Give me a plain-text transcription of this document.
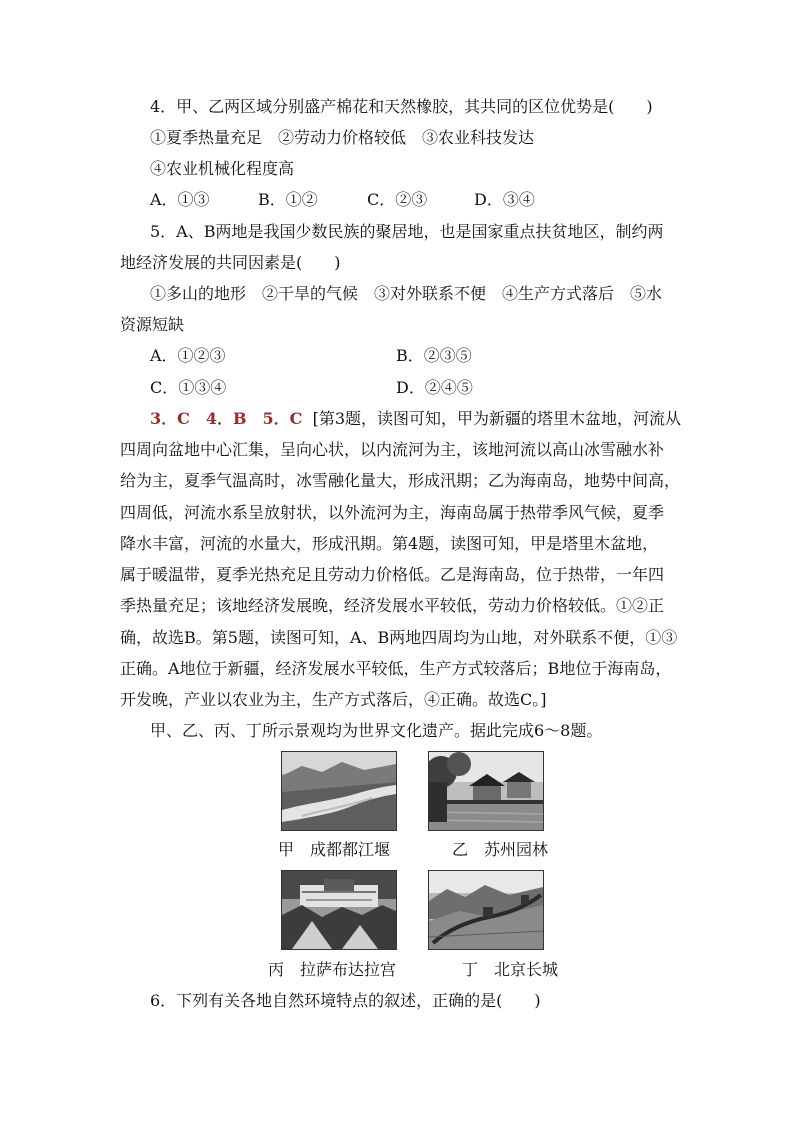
4．甲、乙两区域分别盛产棉花和天然橡胶，其共同的区位优势是(　　)
①夏季热量充足　②劳动力价格较低　③农业科技发达
④农业机械化程度高
A．①③	B．①②	C．②③	D．③④
5．A、B两地是我国少数民族的聚居地，也是国家重点扶贫地区，制约两
地经济发展的共同因素是(　　)
①多山的地形　②干旱的气候　③对外联系不便　④生产方式落后　⑤水
资源短缺
A．①②③	B．②③⑤
C．①③④	D．②④⑤
3．C　4．B　5．C [第3题，读图可知，甲为新疆的塔里木盆地，河流从
四周向盆地中心汇集，呈向心状，以内流河为主，该地河流以高山冰雪融水补
给为主，夏季气温高时，冰雪融化量大，形成汛期；乙为海南岛，地势中间高，
四周低，河流水系呈放射状，以外流河为主，海南岛属于热带季风气候，夏季
降水丰富，河流的水量大，形成汛期。第4题，读图可知，甲是塔里木盆地，
属于暖温带，夏季光热充足且劳动力价格低。乙是海南岛，位于热带，一年四
季热量充足；该地经济发展晚，经济发展水平较低，劳动力价格较低。①②正
确，故选B。第5题，读图可知，A、B两地四周均为山地，对外联系不便，①③
正确。A地位于新疆，经济发展水平较低，生产方式较落后；B地位于海南岛，
开发晚，产业以农业为主，生产方式落后，④正确。故选C。]
甲、乙、丙、丁所示景观均为世界文化遗产。据此完成6～8题。
甲　成都都江堰	乙　苏州园林
丙　拉萨布达拉宫	丁　北京长城
6．下列有关各地自然环境特点的叙述，正确的是(　　)
